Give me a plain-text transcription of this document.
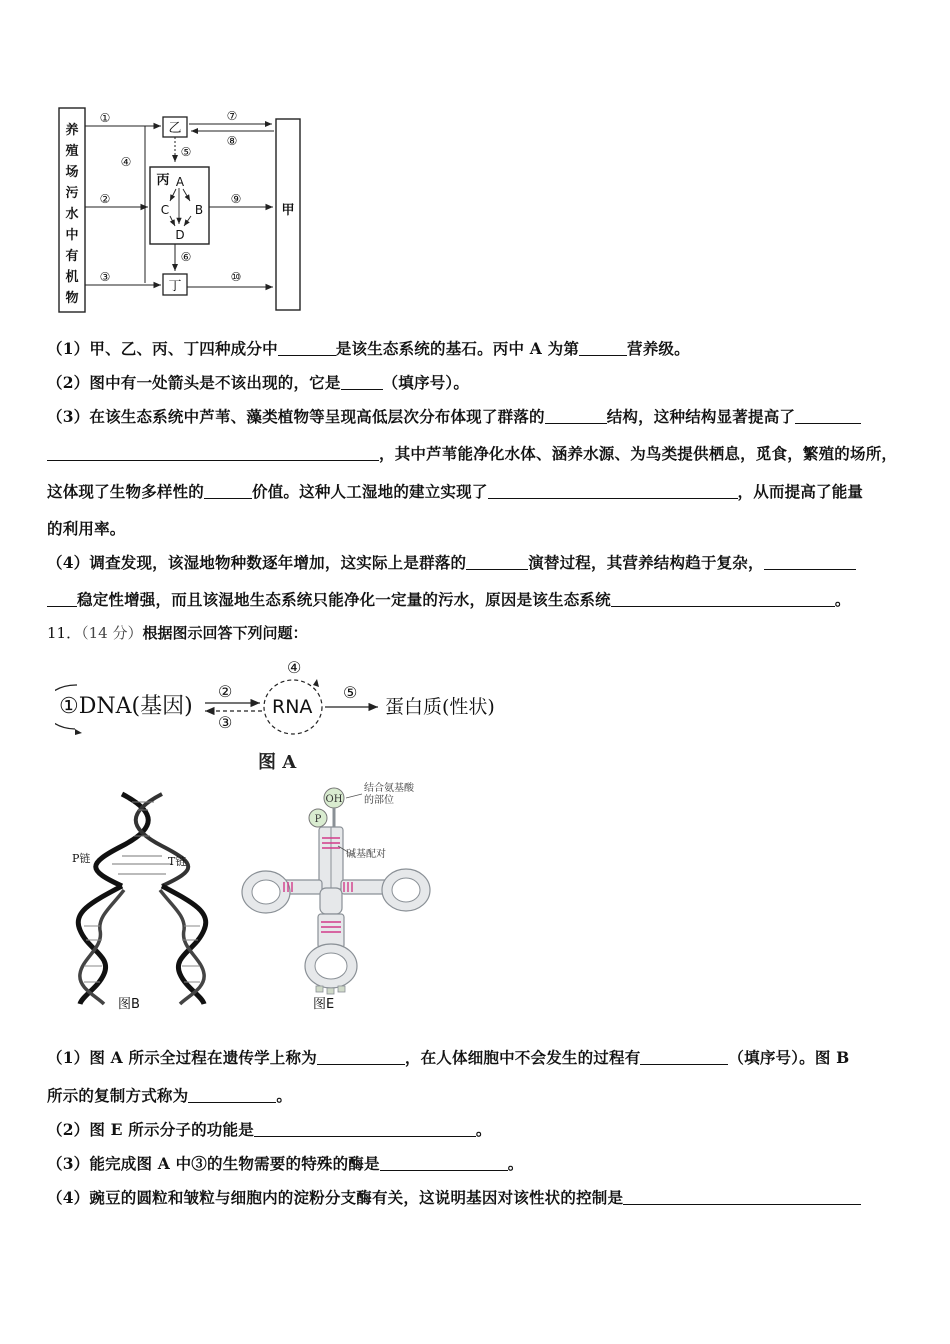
养
殖
场
污
水
中
有
机
物
乙
丁
甲
丙 A
B
C
D
①
②
③
④
⑤
⑥
⑦
⑧
⑨
⑩
（1）甲、乙、丙、丁四种成分中	是该生态系统的基石。丙中 A 为第	营养级。
（2）图中有一处箭头是不该出现的，它是	（填序号）。
（3）在该生态系统中芦苇、藻类植物等呈现高低层次分布体现了群落的	结构，这种结构显著提高了
，其中芦苇能净化水体、涵养水源、为鸟类提供栖息，觅食，繁殖的场所，
这体现了生物多样性的	价值。这种人工湿地的建立实现了	，从而提高了能量
的利用率。
（4）调查发现，该湿地物种数逐年增加，这实际上是群落的	演替过程，其营养结构趋于复杂，
稳定性增强，而且该湿地生态系统只能净化一定量的污水，原因是该生态系统	。
11．（14 分）根据图示回答下列问题：
①DNA(基因)
②
③
④
RNA
⑤
蛋白质(性状)
图 A
P链	T链
图B
OH
P
结合氨基酸
的部位
碱基配对
图E
（1）图 A 所示全过程在遗传学上称为	，在人体细胞中不会发生的过程有	（填序号）。图 B
所示的复制方式称为	。
（2）图 E 所示分子的功能是	。
（3）能完成图 A 中③的生物需要的特殊的酶是	。
（4）豌豆的圆粒和皱粒与细胞内的淀粉分支酶有关，这说明基因对该性状的控制是
